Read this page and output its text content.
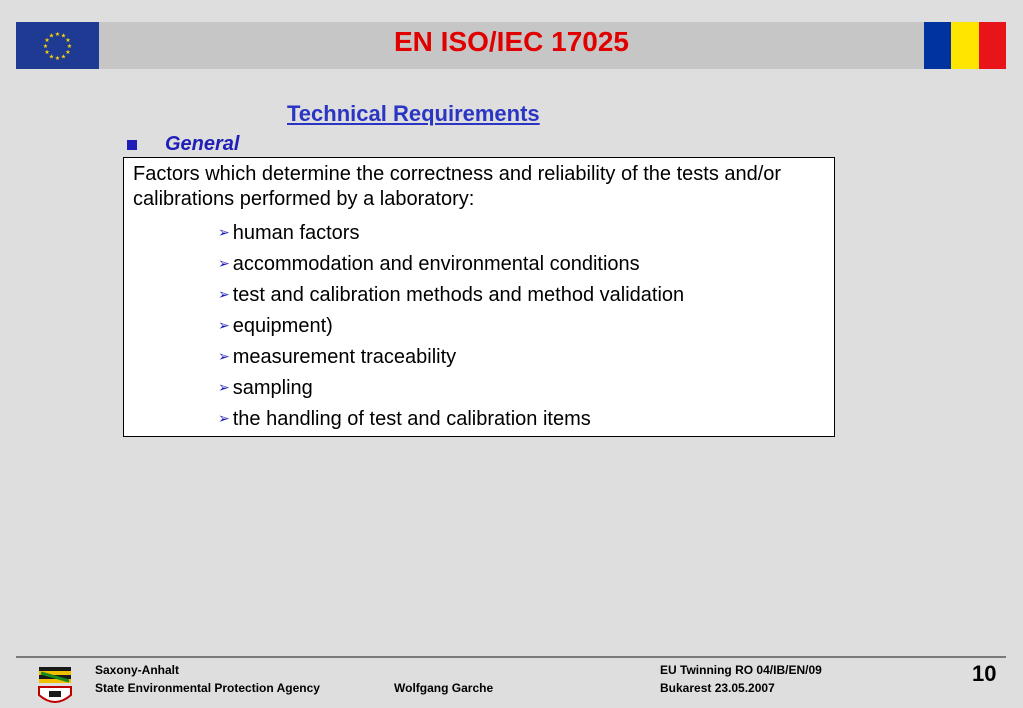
★ ★
★
★
★
★
★
★
★
★
★
★	EN ISO/IEC 17025
Technical Requirements
General
Factors which determine the correctness and reliability of the tests and/or calibrations performed by a laboratory:
➢ human factors
➢ accommodation and environmental conditions
➢ test and calibration methods and method validation
➢ equipment)
➢ measurement traceability
➢ sampling
➢ the handling of test and calibration items
Saxony-Anhalt
State Environmental Protection Agency	Wolfgang Garche
EU Twinning RO 04/IB/EN/09
Bukarest 23.05.2007
10
